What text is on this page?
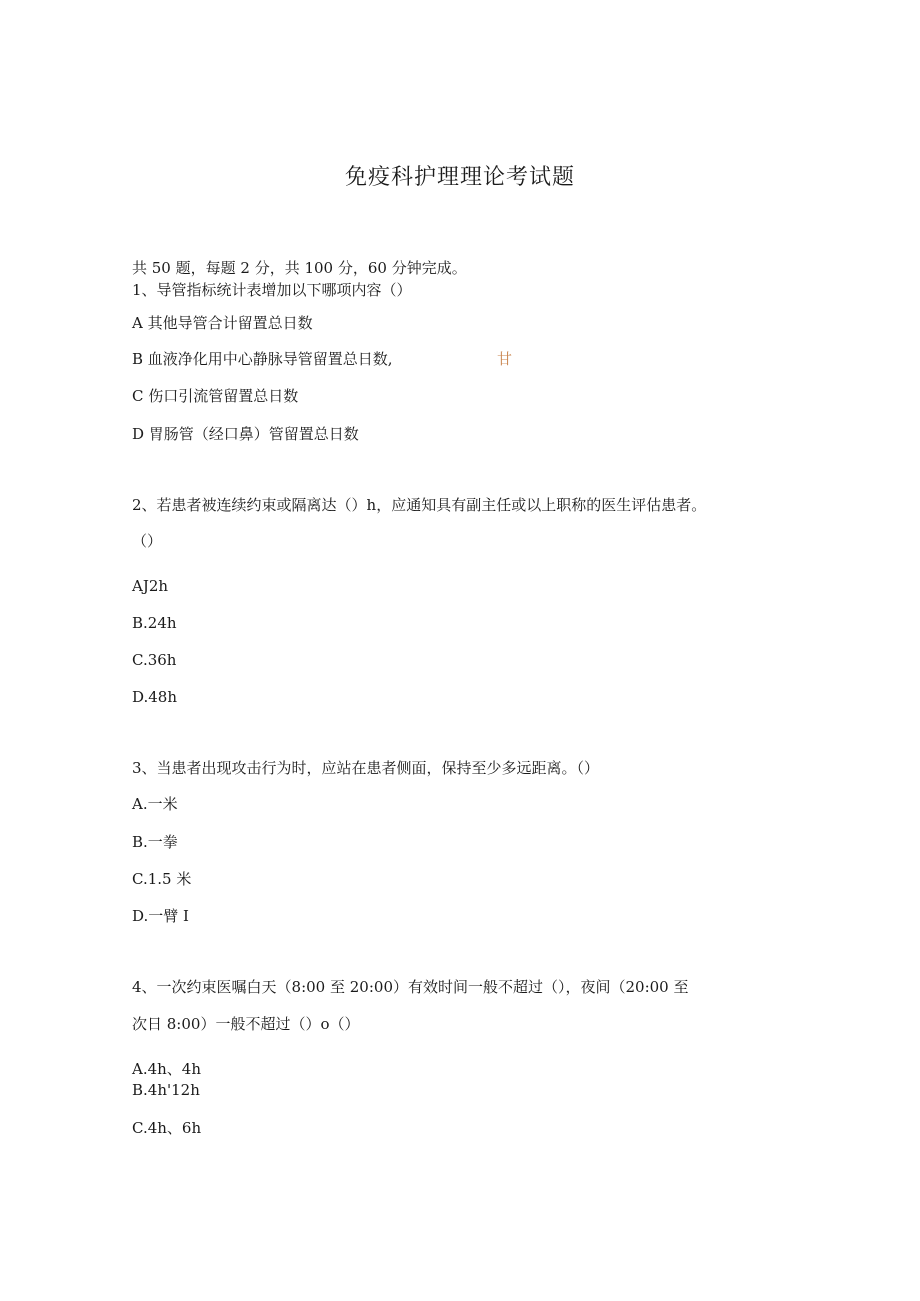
免疫科护理理论考试题
共 50 题，每题 2 分，共 100 分，60 分钟完成。
1、导管指标统计表增加以下哪项内容（）
A 其他导管合计留置总日数
B 血液净化用中心静脉导管留置总日数,	甘
C 伤口引流管留置总日数
D 胃肠管（经口鼻）管留置总日数
2、若患者被连续约束或隔离达（）h，应通知具有副主任或以上职称的医生评估患者。
（）
AJ2h
B.24h
C.36h
D.48h
3、当患者出现攻击行为时，应站在患者侧面，保持至少多远距离。（）
A.一米
B.一拳
C.1.5 米
D.一臂 I
4、一次约束医嘱白天（8:00 至 20:00）有效时间一般不超过（），夜间（20:00 至
次日 8:00）一般不超过（）o（）
A.4h、4h
B.4h'12h
C.4h、6h
